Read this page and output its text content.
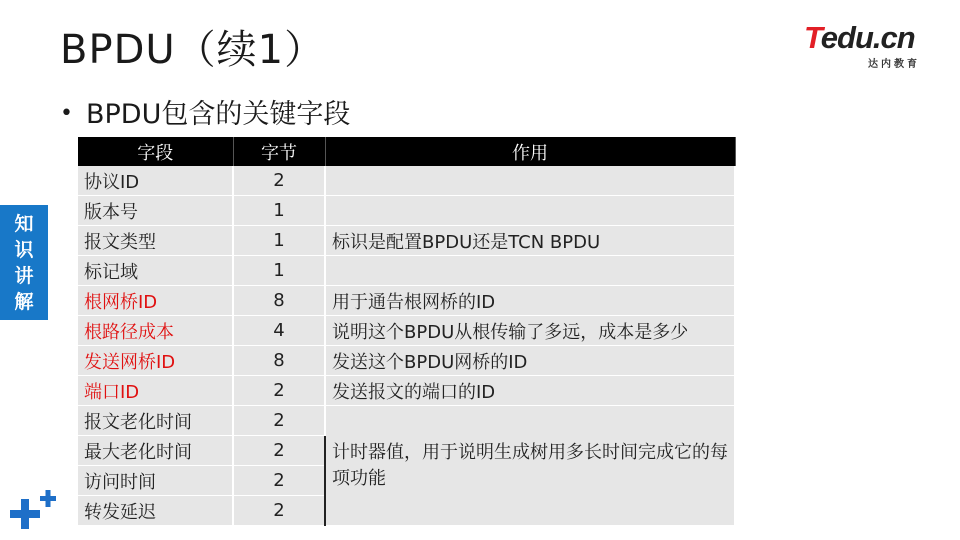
BPDU（续1）	Tedu.cn
达内教育
• BPDU包含的关键字段
知
识
讲
解
字段	字节	作用
协议ID	2	
版本号	1	
报文类型	1	标识是配置BPDU还是TCN BPDU
标记域	1	
根网桥ID	8	用于通告根网桥的ID
根路径成本	4	说明这个BPDU从根传输了多远，成本是多少
发送网桥ID	8	发送这个BPDU网桥的ID
端口ID	2	发送报文的端口的ID
报文老化时间	2	计时器值，用于说明生成树用多长时间完成它的每项功能
最大老化时间	2	
访问时间	2	
转发延迟	2	
